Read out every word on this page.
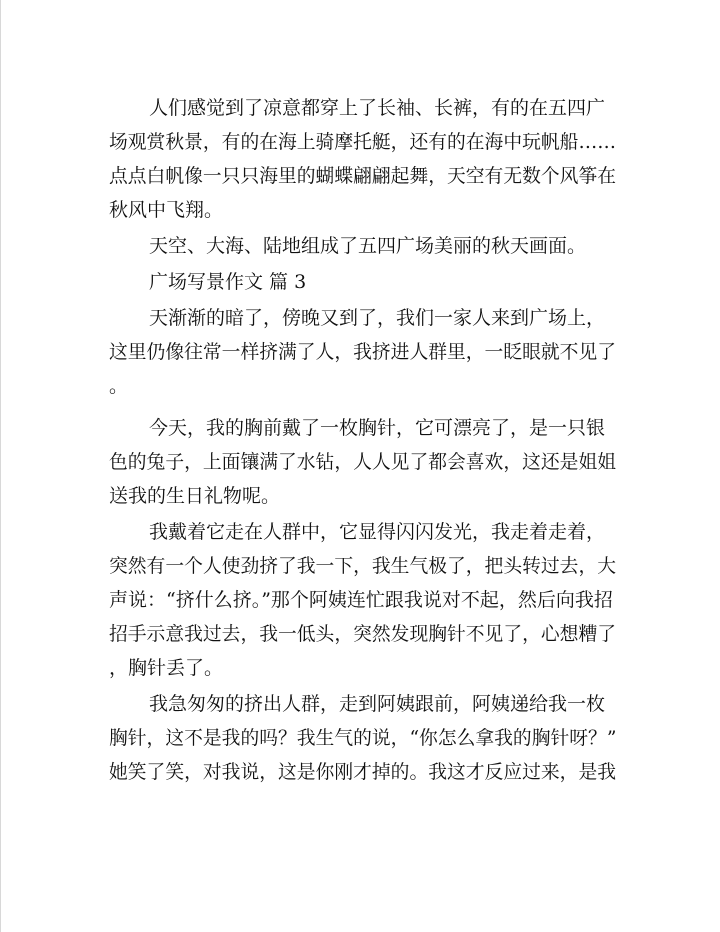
人们感觉到了凉意都穿上了长袖、长裤，有的在五四广
场观赏秋景，有的在海上骑摩托艇，还有的在海中玩帆船……
点点白帆像一只只海里的蝴蝶翩翩起舞，天空有无数个风筝在
秋风中飞翔。
天空、大海、陆地组成了五四广场美丽的秋天画面。
广场写景作文 篇 3
天渐渐的暗了，傍晚又到了，我们一家人来到广场上，
这里仍像往常一样挤满了人，我挤进人群里，一眨眼就不见了
。
今天，我的胸前戴了一枚胸针，它可漂亮了，是一只银
色的兔子，上面镶满了水钻，人人见了都会喜欢，这还是姐姐
送我的生日礼物呢。
我戴着它走在人群中，它显得闪闪发光，我走着走着，
突然有一个人使劲挤了我一下，我生气极了，把头转过去，大
声说：“挤什么挤。”那个阿姨连忙跟我说对不起，然后向我招
招手示意我过去，我一低头，突然发现胸针不见了，心想糟了
，胸针丢了。
我急匆匆的挤出人群，走到阿姨跟前，阿姨递给我一枚
胸针，这不是我的吗？我生气的说，“你怎么拿我的胸针呀？”
她笑了笑，对我说，这是你刚才掉的。我这才反应过来，是我
